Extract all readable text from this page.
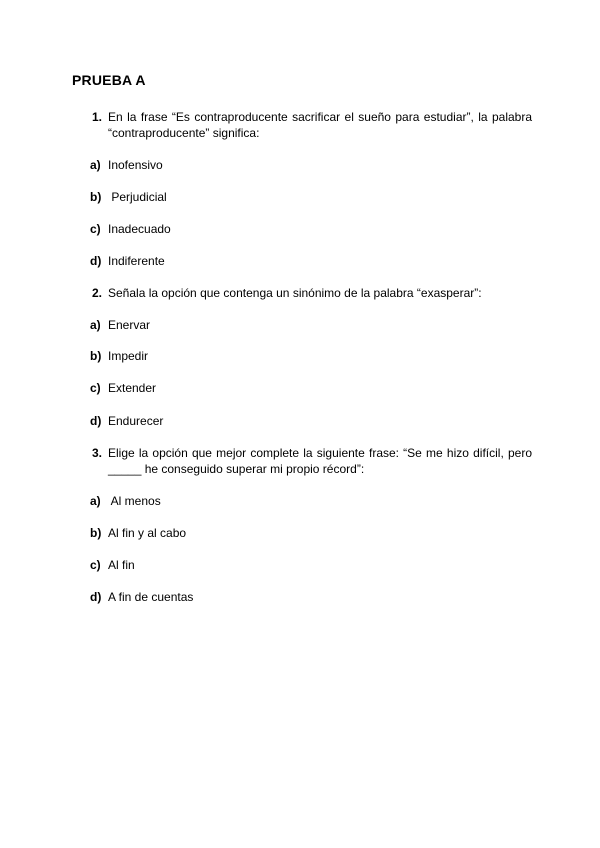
PRUEBA A
1. En la frase “Es contraproducente sacrificar el sueño para estudiar”, la palabra “contraproducente” significa:
a) Inofensivo
b) Perjudicial
c) Inadecuado
d) Indiferente
2. Señala la opción que contenga un sinónimo de la palabra “exasperar”:
a) Enervar
b) Impedir
c) Extender
d) Endurecer
3. Elige la opción que mejor complete la siguiente frase: “Se me hizo difícil, pero _____ he conseguido superar mi propio récord”:
a) Al menos
b) Al fin y al cabo
c) Al fin
d) A fin de cuentas
